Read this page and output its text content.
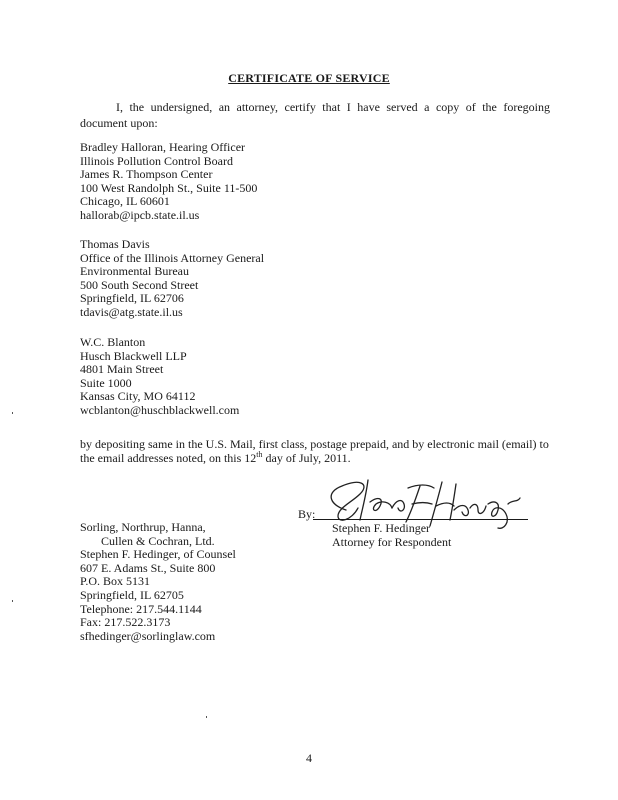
CERTIFICATE OF SERVICE
I, the undersigned, an attorney, certify that I have served a copy of the foregoing document upon:
Bradley Halloran, Hearing Officer
Illinois Pollution Control Board
James R. Thompson Center
100 West Randolph St., Suite 11-500
Chicago, IL 60601
hallorab@ipcb.state.il.us
Thomas Davis
Office of the Illinois Attorney General
Environmental Bureau
500 South Second Street
Springfield, IL 62706
tdavis@atg.state.il.us
W.C. Blanton
Husch Blackwell LLP
4801 Main Street
Suite 1000
Kansas City, MO 64112
wcblanton@huschblackwell.com
by depositing same in the U.S. Mail, first class, postage prepaid, and by electronic mail (email) to the email addresses noted, on this 12th day of July, 2011.
By:
Stephen F. Hedinger
Attorney for Respondent
Sorling, Northrup, Hanna,
Cullen & Cochran, Ltd.
Stephen F. Hedinger, of Counsel
607 E. Adams St., Suite 800
P.O. Box 5131
Springfield, IL 62705
Telephone: 217.544.1144
Fax: 217.522.3173
sfhedinger@sorlinglaw.com
4
